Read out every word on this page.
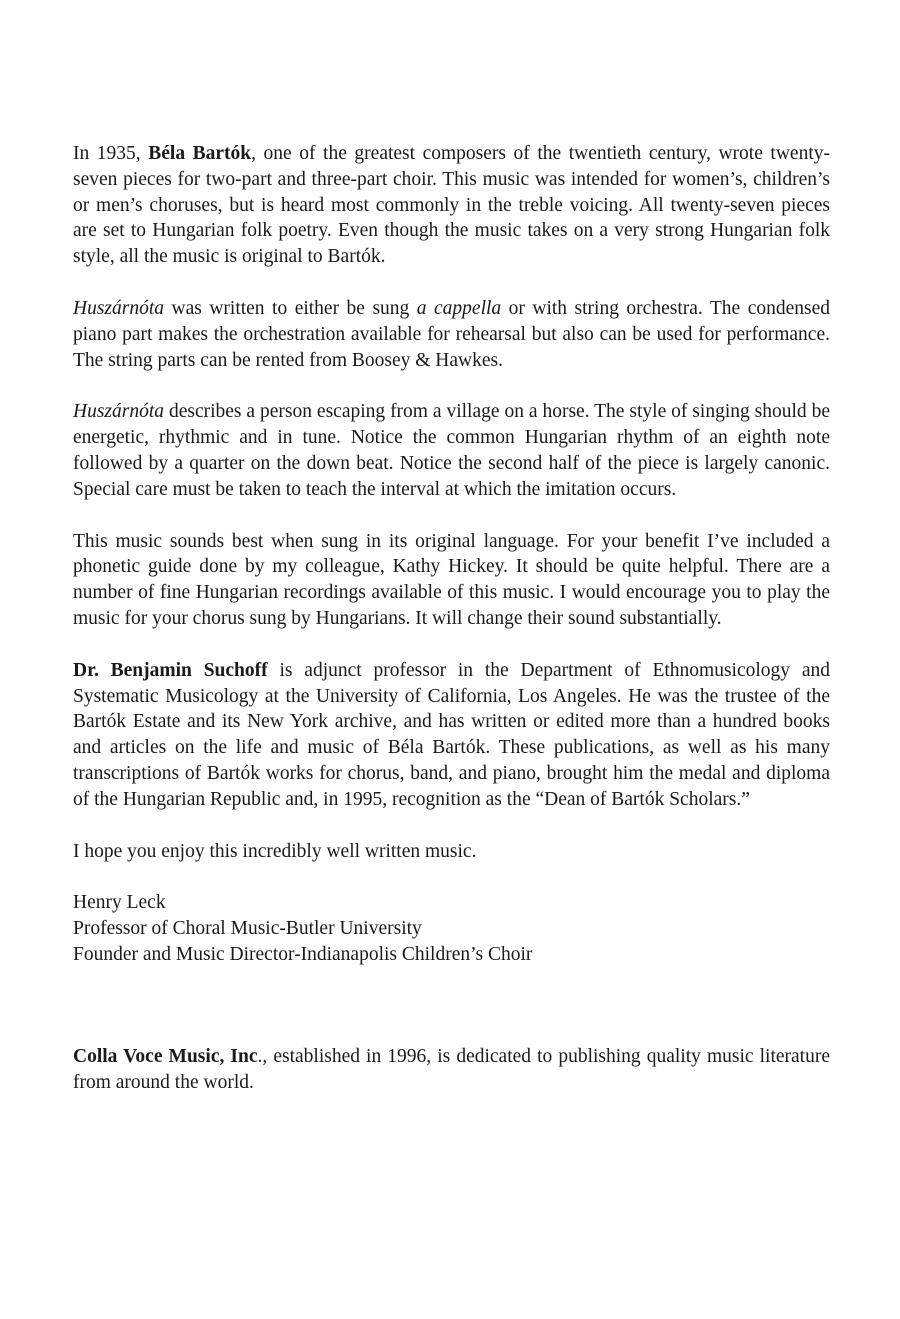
In 1935, Béla Bartók, one of the greatest composers of the twentieth century, wrote twenty-seven pieces for two-part and three-part choir. This music was intended for women’s, children’s or men’s choruses, but is heard most commonly in the treble voicing. All twenty-seven pieces are set to Hungarian folk poetry. Even though the music takes on a very strong Hungarian folk style, all the music is original to Bartók.

Huszárnóta was written to either be sung a cappella or with string orchestra. The condensed piano part makes the orchestration available for rehearsal but also can be used for performance. The string parts can be rented from Boosey & Hawkes.

Huszárnóta describes a person escaping from a village on a horse. The style of singing should be energetic, rhythmic and in tune. Notice the common Hungarian rhythm of an eighth note followed by a quarter on the down beat. Notice the second half of the piece is largely canonic. Special care must be taken to teach the interval at which the imitation occurs.

This music sounds best when sung in its original language. For your benefit I’ve included a phonetic guide done by my colleague, Kathy Hickey. It should be quite helpful. There are a number of fine Hungarian recordings available of this music. I would encourage you to play the music for your chorus sung by Hungarians. It will change their sound substantially.

Dr. Benjamin Suchoff is adjunct professor in the Department of Ethnomusicology and Systematic Musicology at the University of California, Los Angeles. He was the trustee of the Bartók Estate and its New York archive, and has written or edited more than a hundred books and articles on the life and music of Béla Bartók. These publications, as well as his many transcriptions of Bartók works for chorus, band, and piano, brought him the medal and diploma of the Hungarian Republic and, in 1995, recognition as the “Dean of Bartók Scholars.”

I hope you enjoy this incredibly well written music.

Henry Leck

Professor of Choral Music-Butler University

Founder and Music Director-Indianapolis Children’s Choir

Colla Voce Music, Inc., established in 1996, is dedicated to publishing quality music literature from around the world.
